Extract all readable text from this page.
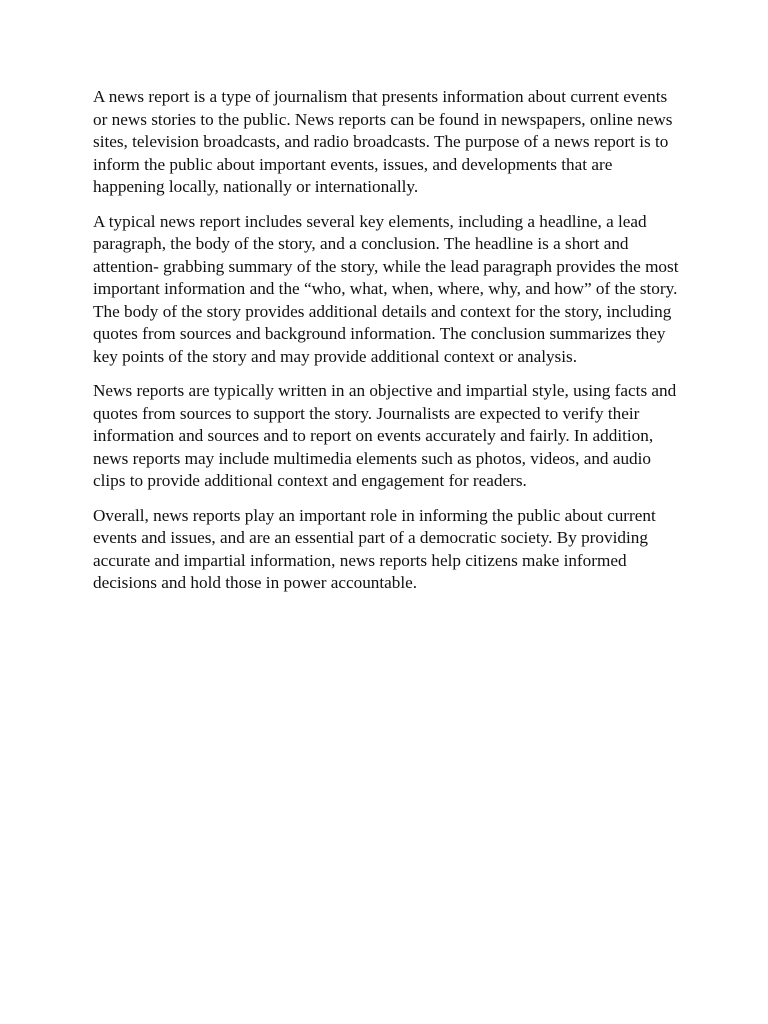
A news report is a type of journalism that presents information about current events or news stories to the public. News reports can be found in newspapers, online news sites, television broadcasts, and radio broadcasts. The purpose of a news report is to inform the public about important events, issues, and developments that are happening locally, nationally or internationally.

A typical news report includes several key elements, including a headline, a lead paragraph, the body of the story, and a conclusion. The headline is a short and attention- grabbing summary of the story, while the lead paragraph provides the most important information and the “who, what, when, where, why, and how” of the story. The body of the story provides additional details and context for the story, including quotes from sources and background information. The conclusion summarizes they key points of the story and may provide additional context or analysis.

News reports are typically written in an objective and impartial style, using facts and quotes from sources to support the story. Journalists are expected to verify their information and sources and to report on events accurately and fairly. In addition, news reports may include multimedia elements such as photos, videos, and audio clips to provide additional context and engagement for readers.

Overall, news reports play an important role in informing the public about current events and issues, and are an essential part of a democratic society. By providing accurate and impartial information, news reports help citizens make informed decisions and hold those in power accountable.
